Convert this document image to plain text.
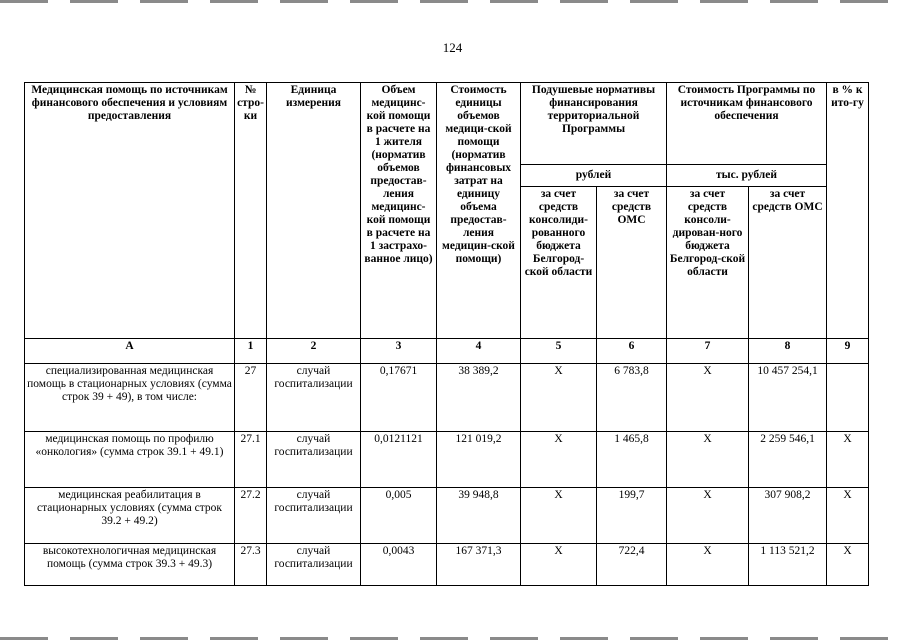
124
Медицинская помощь по источникам финансового обеспечения и условиям предоставления	№ стро-ки	Единица измерения	Объем медицинс-кой помощи в расчете на 1 жителя (норматив объемов предостав-ления медицинс-кой помощи в расчете на 1 застрахо-ванное лицо)	Стоимость единицы объемов медици-ской помощи (норматив финансовых затрат на единицу объема предостав-ления медицин-ской помощи)	Подушевые нормативы финансирования территориальной Программы		Стоимость Программы по источникам финансового обеспечения		в % к ито-гу
					рублей		тыс. рублей		
					за счет средств консолиди-рованного бюджета Белгород-ской области	за счет средств ОМС	за счет средств консоли-дирован-ного бюджета Белгород-ской области	за счет средств ОМС	
А	1	2	3	4	5	6	7	8	9
специализированная медицинская помощь в стационарных условиях (сумма строк 39 + 49), в том числе:	27	случай госпитализации	0,17671	38 389,2	Х	6 783,8	Х	10 457 254,1	
медицинская помощь по профилю «онкология» (сумма строк 39.1 + 49.1)	27.1	случай госпитализации	0,0121121	121 019,2	Х	1 465,8	Х	2 259 546,1	Х
медицинская реабилитация в стационарных условиях (сумма строк 39.2 + 49.2)	27.2	случай госпитализации	0,005	39 948,8	Х	199,7	Х	307 908,2	Х
высокотехнологичная медицинская помощь (сумма строк 39.3 + 49.3)	27.3	случай госпитализации	0,0043	167 371,3	Х	722,4	Х	1 113 521,2	Х
